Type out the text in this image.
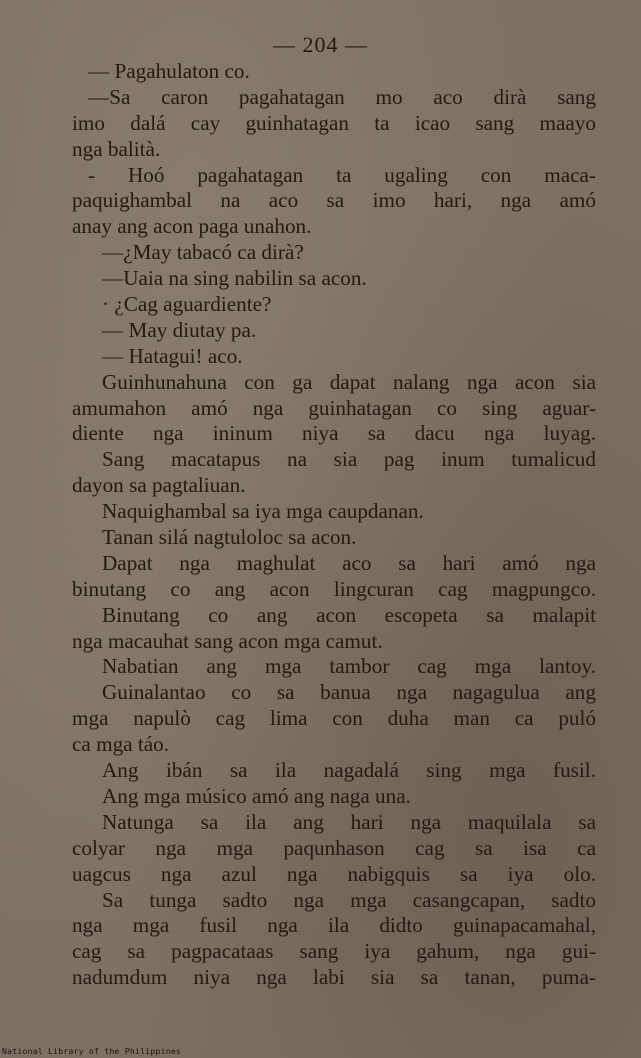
— 204 —
— Pagahulaton co.
—Sa caron pagahatagan mo aco dirà sang
imo dalá cay guinhatagan ta icao sang maayo
nga balità.
- Hoó pagahatagan ta ugaling con maca-
paquighambal na aco sa imo hari, nga amó
anay ang acon paga unahon.
—¿May tabacó ca dirà?
—Uaia na sing nabilin sa acon.
· ¿Cag aguardiente?
— May diutay pa.
— Hatagui! aco.
Guinhunahuna con ga dapat nalang nga acon sia
amumahon amó nga guinhatagan co sing aguar-
diente nga ininum niya sa dacu nga luyag.
Sang macatapus na sia pag inum tumalicud
dayon sa pagtaliuan.
Naquighambal sa iya mga caupdanan.
Tanan silá nagtuloloc sa acon.
Dapat nga maghulat aco sa hari amó nga
binutang co ang acon lingcuran cag magpungco.
Binutang co ang acon escopeta sa malapit
nga macauhat sang acon mga camut.
Nabatian ang mga tambor cag mga lantoy.
Guinalantao co sa banua nga nagagulua ang
mga napulò cag lima con duha man ca puló
ca mga táo.
Ang ibán sa ila nagadalá sing mga fusil.
Ang mga músico amó ang naga una.
Natunga sa ila ang hari nga maquilala sa
colyar nga mga paqunhason cag sa isa ca
uagcus nga azul nga nabigquis sa iya olo.
Sa tunga sadto nga mga casangcapan, sadto
nga mga fusil nga ila didto guinapacamahal,
cag sa pagpacataas sang iya gahum, nga gui-
nadumdum niya nga labi sia sa tanan, puma-
National Library of the Philippines
